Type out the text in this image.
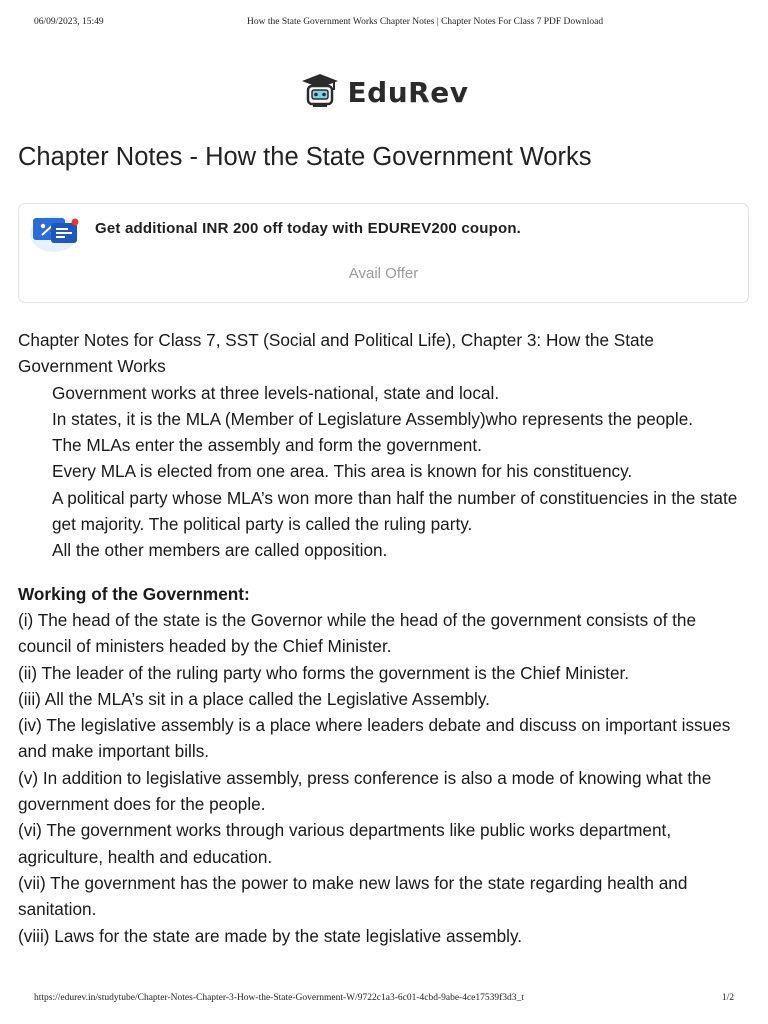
06/09/2023, 15:49	How the State Government Works Chapter Notes | Chapter Notes For Class 7 PDF Download
EduRev
Chapter Notes - How the State Government Works
Get additional INR 200 off today with EDUREV200 coupon.
Avail Offer

Chapter Notes for Class 7, SST (Social and Political Life), Chapter 3: How the State Government Works

Government works at three levels-national, state and local.
In states, it is the MLA (Member of Legislature Assembly)who represents the people.
The MLAs enter the assembly and form the government.
Every MLA is elected from one area. This area is known for his constituency.
A political party whose MLA’s won more than half the number of constituencies in the state get majority. The political party is called the ruling party.
All the other members are called opposition.

Working of the Government:

(i) The head of the state is the Governor while the head of the government consists of the council of ministers headed by the Chief Minister.

(ii) The leader of the ruling party who forms the government is the Chief Minister.

(iii) All the MLA’s sit in a place called the Legislative Assembly.

(iv) The legislative assembly is a place where leaders debate and discuss on important issues and make important bills.

(v) In addition to legislative assembly, press conference is also a mode of knowing what the government does for the people.

(vi) The government works through various departments like public works department, agriculture, health and education.

(vii) The government has the power to make new laws for the state regarding health and sanitation.

(viii) Laws for the state are made by the state legislative assembly.

https://edurev.in/studytube/Chapter-Notes-Chapter-3-How-the-State-Government-W/9722c1a3-6c01-4cbd-9abe-4ce17539f3d3_t	1/2
